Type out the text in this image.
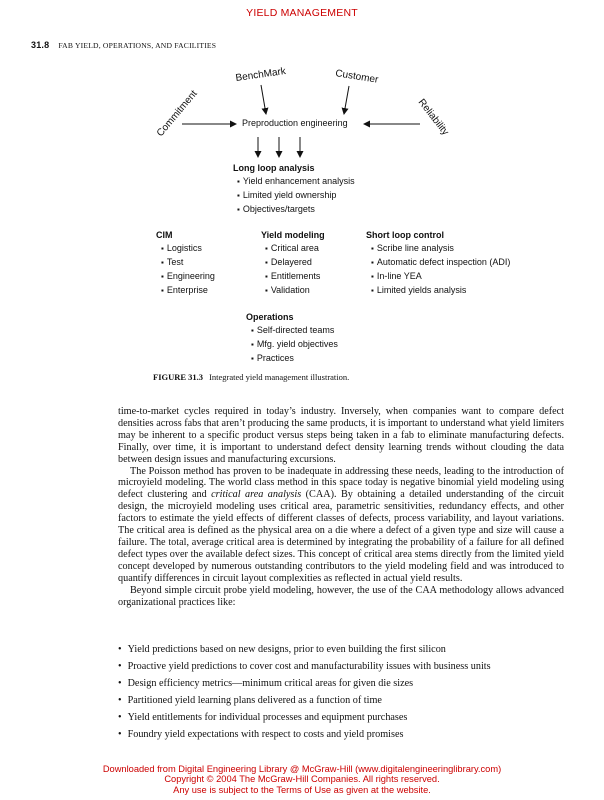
YIELD MANAGEMENT
31.8 FAB YIELD, OPERATIONS, AND FACILITIES
BenchMark	Customer
Commitment	Reliability
Preproduction engineering
Long loop analysis
▪ Yield enhancement analysis
▪ Limited yield ownership
▪ Objectives/targets
CIM
▪ Logistics
▪ Test
▪ Engineering
▪ Enterprise
Yield modeling
▪ Critical area
▪ Delayered
▪ Entitlements
▪ Validation
Short loop control
▪ Scribe line analysis
▪ Automatic defect inspection (ADI)
▪ In-line YEA
▪ Limited yields analysis
Operations
▪ Self-directed teams
▪ Mfg. yield objectives
▪ Practices
FIGURE 31.3 Integrated yield management illustration.

time-to-market cycles required in today’s industry. Inversely, when companies want to compare defect densities across fabs that aren’t producing the same products, it is important to understand what yield limiters may be inherent to a specific product versus steps being taken in a fab to eliminate manufacturing defects. Finally, over time, it is important to understand defect density learning trends without clouding the data between design issues and manufacturing excursions.

The Poisson method has proven to be inadequate in addressing these needs, leading to the introduction of microyield modeling. The world class method in this space today is negative binomial yield modeling using defect clustering and critical area analysis (CAA). By obtaining a detailed understanding of the circuit design, the microyield modeling uses critical area, parametric sensitivities, redundancy effects, and other factors to estimate the yield effects of different classes of defects, process variability, and layout variations. The critical area is defined as the physical area on a die where a defect of a given type and size will cause a failure. The total, average critical area is determined by integrating the probability of a failure for all defined defect types over the available defect sizes. This concept of critical area stems directly from the limited yield concept developed by numerous outstanding contributors to the yield modeling field and was introduced to quantify differences in circuit layout complexities as reflected in actual yield results.

Beyond simple circuit probe yield modeling, however, the use of the CAA methodology allows advanced organizational practices like:

• Yield predictions based on new designs, prior to even building the first silicon
• Proactive yield predictions to cover cost and manufacturability issues with business units
• Design efficiency metrics—minimum critical areas for given die sizes
• Partitioned yield learning plans delivered as a function of time
• Yield entitlements for individual processes and equipment purchases
• Foundry yield expectations with respect to costs and yield promises
Downloaded from Digital Engineering Library @ McGraw-Hill (www.digitalengineeringlibrary.com)
Copyright © 2004 The McGraw-Hill Companies. All rights reserved.
Any use is subject to the Terms of Use as given at the website.
